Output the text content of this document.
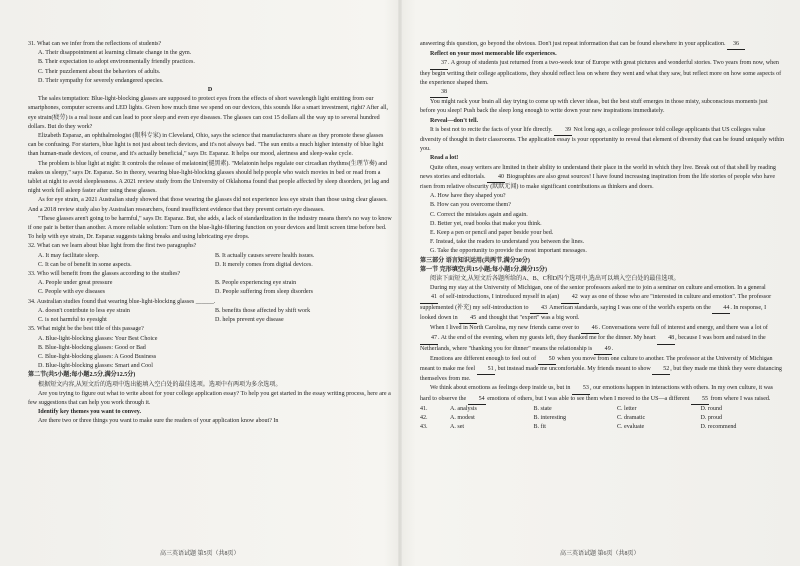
31. What can we infer from the reflections of students?

A. Their disappointment at learning climate change in the gym.

B. Their expectation to adopt environmentally friendly practices.

C. Their puzzlement about the behaviors of adults.

D. Their sympathy for severely endangered species.

D

The sales temptation: Blue-light-blocking glasses are supposed to protect eyes from the effects of short wavelength light emitting from our smartphones, computer screens and LED lights. Given how much time we spend on our devices, this sounds like a smart investment, right? After all, eye strain(疲劳) is a real issue and can lead to poor sleep and even eye diseases. The glasses can cost 15 dollars all the way up to several hundred dollars. But do they work?

Elizabeth Esparaz, an ophthalmologist (眼科专家) in Cleveland, Ohio, says the science that manufacturers share as they promote these glasses can be confusing. For starters, blue light is not just about tech devices, and it's not always bad. "The sun emits a much higher intensity of blue light than human-made devices, of course, and it's actually beneficial," says Dr. Esparaz. It helps our mood, alertness and sleep-wake cycle.

The problem is blue light at night: It controls the release of melatonin(褪黑素). "Melatonin helps regulate our circadian rhythms(生理节奏) and makes us sleepy," says Dr. Esparaz. So in theory, wearing blue-light-blocking glasses should help people who watch movies in bed or read from a tablet at night to avoid sleeplessness. A 2021 review study from the University of Oklahoma found that people affected by sleep disorders, jet lag and night work fell asleep faster after using these glasses.

As for eye strain, a 2021 Australian study showed that those wearing the glasses did not experience less eye strain than those using clear glasses. And a 2018 review study also by Australian researchers, found insufficient evidence that they prevent certain eye diseases.

"These glasses aren't going to be harmful," says Dr. Esparaz. But, she adds, a lack of standardization in the industry means there's no way to know if one pair is better than another. A more reliable solution: Turn on the blue-light-filtering function on your devices and limit screen time before bed. To help with eye strain, Dr. Esparaz suggests taking breaks and using lubricating eye drops.

32. What can we learn about blue light from the first two paragraphs?

A. It may facilitate sleep.	B. It actually causes severe health issues.
C. It can be of benefit in some aspects.	D. It merely comes from digital devices.

33. Who will benefit from the glasses according to the studies?

A. People under great pressure	B. People experiencing eye strain
C. People with eye diseases	D. People suffering from sleep disorders

34. Australian studies found that wearing blue-light-blocking glasses ______.

A. doesn't contribute to less eye strain	B. benefits those affected by shift work
C. is not harmful to eyesight	D. helps prevent eye disease

35. What might be the best title of this passage?

A. Blue-light-blocking glasses: Your Best Choice

B. Blue-light-blocking glasses: Good or Bad

C. Blue-light-blocking glasses: A Good Business

D. Blue-light-blocking glasses: Smart and Cool

第二节(共5小题;每小题2.5分,满分12.5分)

根据短文内容,从短文后的选项中选出能填入空白处的最佳选项。选项中有两项为多余选项。

Are you trying to figure out what to write about for your college application essay? To help you get started in the essay writing process, here are a few suggestions that can help you work through it.

Identify key themes you want to convey.

Are there two or three things you want to make sure the readers of your application know about? In

高三英语试题 第5页（共8页）

answering this question, go beyond the obvious. Don't just repeat information that can be found elsewhere in your application. 36

Reflect on your most memorable life experiences.

37. A group of students just returned from a two-week tour of Europe with great pictures and wonderful stories. Two years from now, when they begin writing their college applications, they should reflect less on where they went and what they saw, but reflect more on how some aspects of the experience shaped them.

38

You might rack your brain all day trying to come up with clever ideas, but the best stuff emerges in those misty, subconscious moments just before you sleep! Push back the sleep long enough to write down your new inspirations immediately.

Reveal—don't tell.

It is best not to recite the facts of your life directly. 39 Not long ago, a college professor told college applicants that US colleges value diversity of thought in their classrooms. The application essay is your opportunity to reveal that element of diversity that can be found uniquely within you.

Read a lot!

Quite often, essay writers are limited in their ability to understand their place in the world in which they live. Break out of that shell by reading news stories and editorials. 40 Biographies are also great sources! I have found increasing inspiration from the life stories of people who have risen from relative obscurity (默默无闻) to make significant contributions as thinkers and doers.

A. How have they shaped you?

B. How can you overcome them?

C. Correct the mistakes again and again.

D. Better yet, read books that make you think.

E. Keep a pen or pencil and paper beside your bed.

F. Instead, take the readers to understand you between the lines.

G. Take the opportunity to provide the most important messages.

第三部分 语言知识运用(共两节,满分30分)

第一节 完形填空(共15小题;每小题1分,满分15分)

阅读下面短文,从短文后各题所给的A、B、C和D四个选项中,选出可以填入空白处的最佳选项。

During my stay at the University of Michigan, one of the senior professors asked me to join a seminar on culture and emotion. In a general 41 of self-introductions, I introduced myself in a(an) 42 way as one of those who are "interested in culture and emotion". The professor supplemented (补充) my self-introduction to 43 American standards, saying I was one of the world's experts on the 44. In response, I looked down in 45 and thought that "expert" was a big word.

When I lived in North Carolina, my new friends came over to 46. Conversations were full of interest and energy, and there was a lot of 47. At the end of the evening, when my guests left, they thanked me for the dinner. My heart 48, because I was born and raised in the Netherlands, where "thanking you for dinner" means the relationship is 49.

Emotions are different enough to feel out of 50 when you move from one culture to another. The professor at the University of Michigan meant to make me feel 51, but instead made me uncomfortable. My friends meant to show 52, but they made me think they were distancing themselves from me.

We think about emotions as feelings deep inside us, but in 53, our emotions happen in interactions with others. In my own culture, it was hard to observe the 54 emotions of others, but I was able to see them when I moved to the US—a different 55 from where I was raised.

41.	A. analysis	B. state	C. letter	D. round
42.	A. modest	B. interesting	C. dramatic	D. proud
43.	A. set	B. fit	C. evaluate	D. recommend
高三英语试题 第6页（共8页）
